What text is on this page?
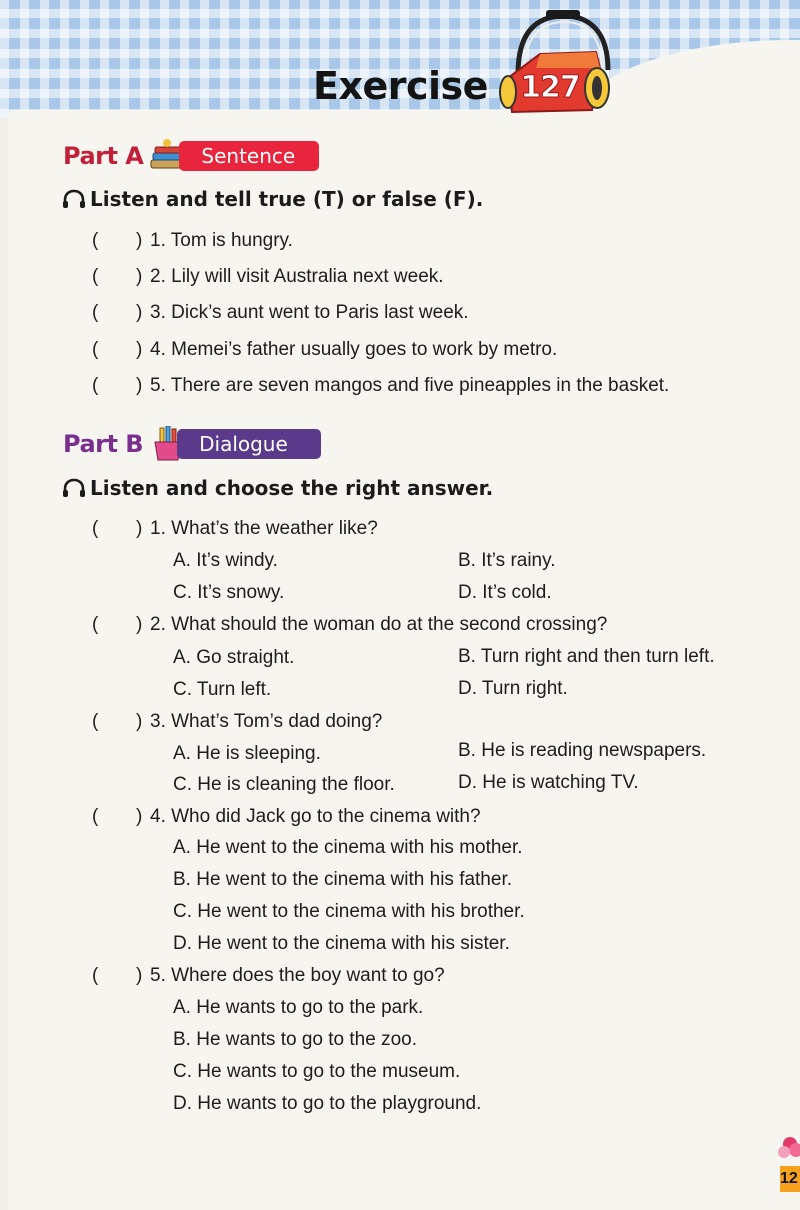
Exercise 127
Part A	Sentence
Listen and tell true (T) or false (F).
( ) 1. Tom is hungry.
( ) 2. Lily will visit Australia next week.
( ) 3. Dick’s aunt went to Paris last week.
( ) 4. Memei’s father usually goes to work by metro.
( ) 5. There are seven mangos and five pineapples in the basket.
Part B	Dialogue
Listen and choose the right answer.
( ) 1. What’s the weather like?
A. It’s windy.	B. It’s rainy.
C. It’s snowy.	D. It’s cold.
( ) 2. What should the woman do at the second crossing?
A. Go straight.	B. Turn right and then turn left.
C. Turn left.	D. Turn right.
( ) 3. What’s Tom’s dad doing?
A. He is sleeping.	B. He is reading newspapers.
C. He is cleaning the floor.	D. He is watching TV.
( ) 4. Who did Jack go to the cinema with?
A. He went to the cinema with his mother.
B. He went to the cinema with his father.
C. He went to the cinema with his brother.
D. He went to the cinema with his sister.
( ) 5. Where does the boy want to go?
A. He wants to go to the park.
B. He wants to go to the zoo.
C. He wants to go to the museum.
D. He wants to go to the playground.
12
